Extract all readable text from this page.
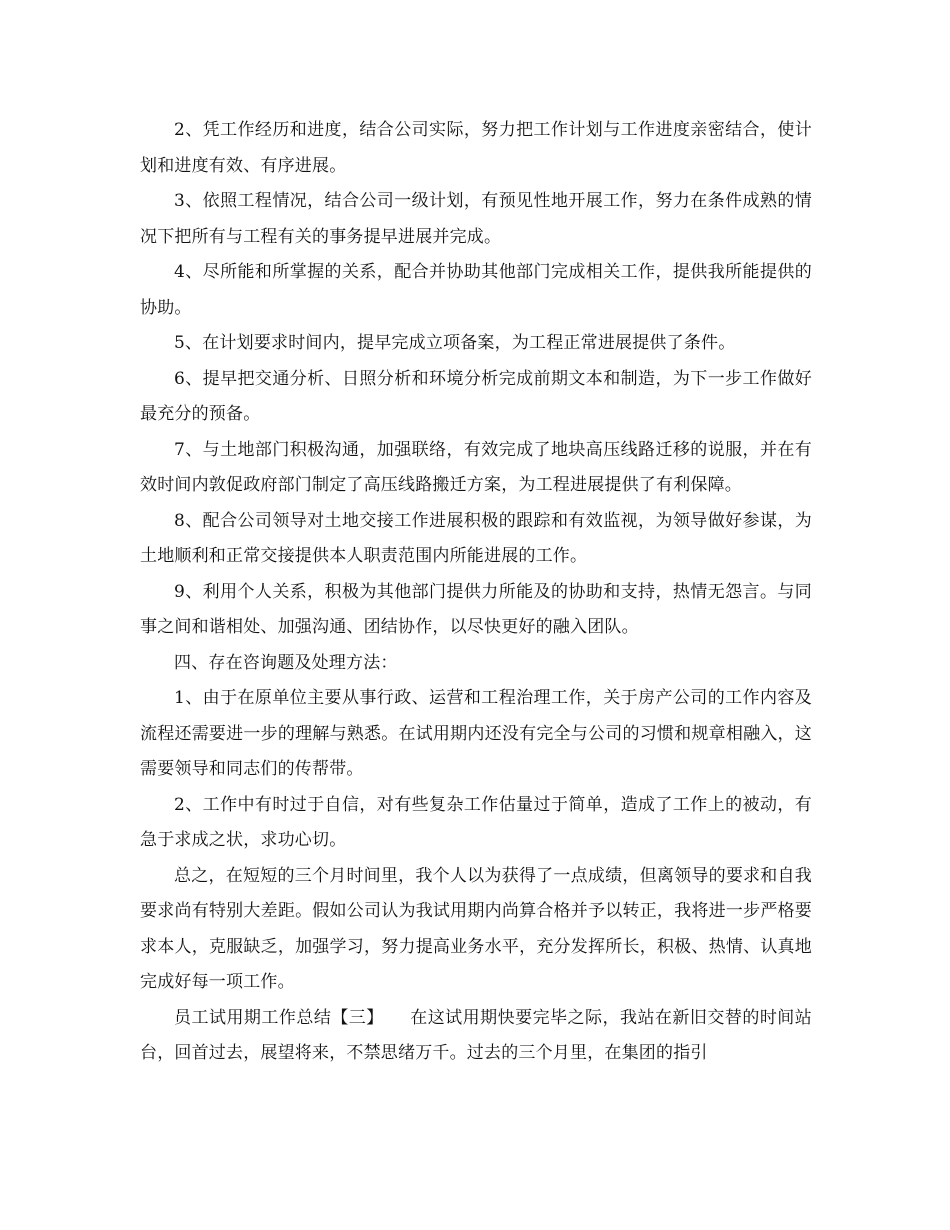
2、凭工作经历和进度，结合公司实际，努力把工作计划与工作进度亲密结合，使计划和进度有效、有序进展。

3、依照工程情况，结合公司一级计划，有预见性地开展工作，努力在条件成熟的情况下把所有与工程有关的事务提早进展并完成。

4、尽所能和所掌握的关系，配合并协助其他部门完成相关工作，提供我所能提供的协助。

5、在计划要求时间内，提早完成立项备案，为工程正常进展提供了条件。

6、提早把交通分析、日照分析和环境分析完成前期文本和制造，为下一步工作做好最充分的预备。

7、与土地部门积极沟通，加强联络，有效完成了地块高压线路迁移的说服，并在有效时间内敦促政府部门制定了高压线路搬迁方案，为工程进展提供了有利保障。

8、配合公司领导对土地交接工作进展积极的跟踪和有效监视，为领导做好参谋，为土地顺利和正常交接提供本人职责范围内所能进展的工作。

9、利用个人关系，积极为其他部门提供力所能及的协助和支持，热情无怨言。与同事之间和谐相处、加强沟通、团结协作，以尽快更好的融入团队。

四、存在咨询题及处理方法：

1、由于在原单位主要从事行政、运营和工程治理工作，关于房产公司的工作内容及流程还需要进一步的理解与熟悉。在试用期内还没有完全与公司的习惯和规章相融入，这需要领导和同志们的传帮带。

2、工作中有时过于自信，对有些复杂工作估量过于简单，造成了工作上的被动，有急于求成之状，求功心切。

总之，在短短的三个月时间里，我个人以为获得了一点成绩，但离领导的要求和自我要求尚有特别大差距。假如公司认为我试用期内尚算合格并予以转正，我将进一步严格要求本人，克服缺乏，加强学习，努力提高业务水平，充分发挥所长，积极、热情、认真地完成好每一项工作。

员工试用期工作总结【三】　　在这试用期快要完毕之际，我站在新旧交替的时间站台，回首过去，展望将来，不禁思绪万千。过去的三个月里，在集团的指引
